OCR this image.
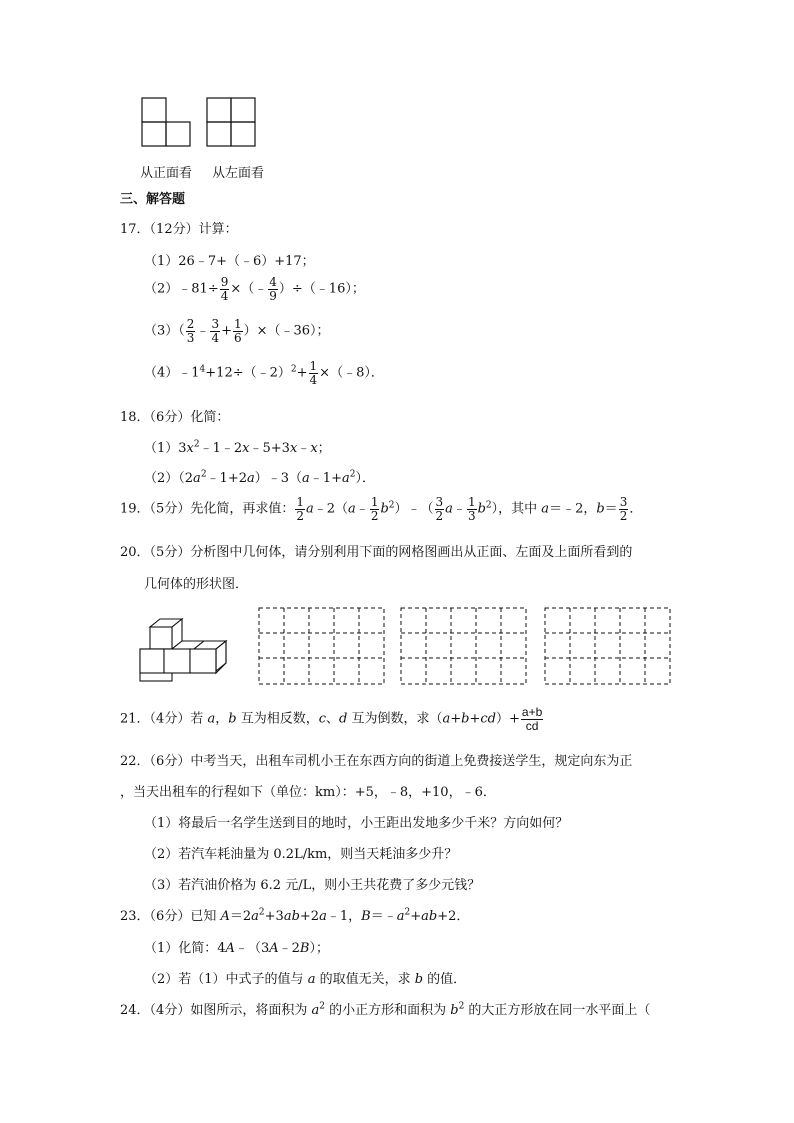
从正面看 从左面看
三、解答题
17．（12分）计算：
（1）26﹣7+（﹣6）+17；
（2）﹣81÷ $\frac{9}{4}$ ×（﹣ $\frac{4}{9}$ ）÷（﹣16）；
$(3)( \frac{2}{3}$ ﹣ $\frac{3}{4} + \frac{1}{6}$ ）×（﹣36）；
$(4)﹣1^4+12\div(﹣2)^2+ \frac{1}{4}$ ×（﹣8）．
18．（6分）化简：
$(1)3x^2﹣1﹣2x﹣5+3x﹣x$；
$(2)(2a^2﹣1+2a)﹣3(a﹣1+a^2)$．
19．（5分）先化简，再求值： $\frac{1}{2}$ a﹣2（a﹣ $\frac{1}{2}$ $b^2)﹣( \frac{3}{2}$ a﹣ $\frac{1}{3} b^2$），其中 a＝﹣2，$b= \frac{3}{2}$ ．
20．（5分）分析图中几何体，请分别利用下面的网格图画出从正面、左面及上面所看到的
几何体的形状图．
21．（4分）若 a，b 互为相反数，c、d 互为倒数，求$(a+b+cd)+ \frac{a+b}{cd}$
22．（6分）中考当天，出租车司机小王在东西方向的街道上免费接送学生，规定向东为正
，当天出租车的行程如下（单位：km）：+5，﹣8，+10，﹣6．
（1）将最后一名学生送到目的地时，小王距出发地多少千米？方向如何？
（2）若汽车耗油量为 0.2L/km，则当天耗油多少升？
（3）若汽油价格为 6.2 元/L，则小王共花费了多少元钱？
23．（6分）已知 $A=2a^2+3ab+2a﹣1$，$B=﹣a^2+ab+2$．
（1）化简：4A﹣（3A﹣2B）；
（2）若（1）中式子的值与 a 的取值无关，求 b 的值．
24．（4分）如图所示，将面积为 $a^2$ 的小正方形和面积为 $b^2$ 的大正方形放在同一水平面上（
